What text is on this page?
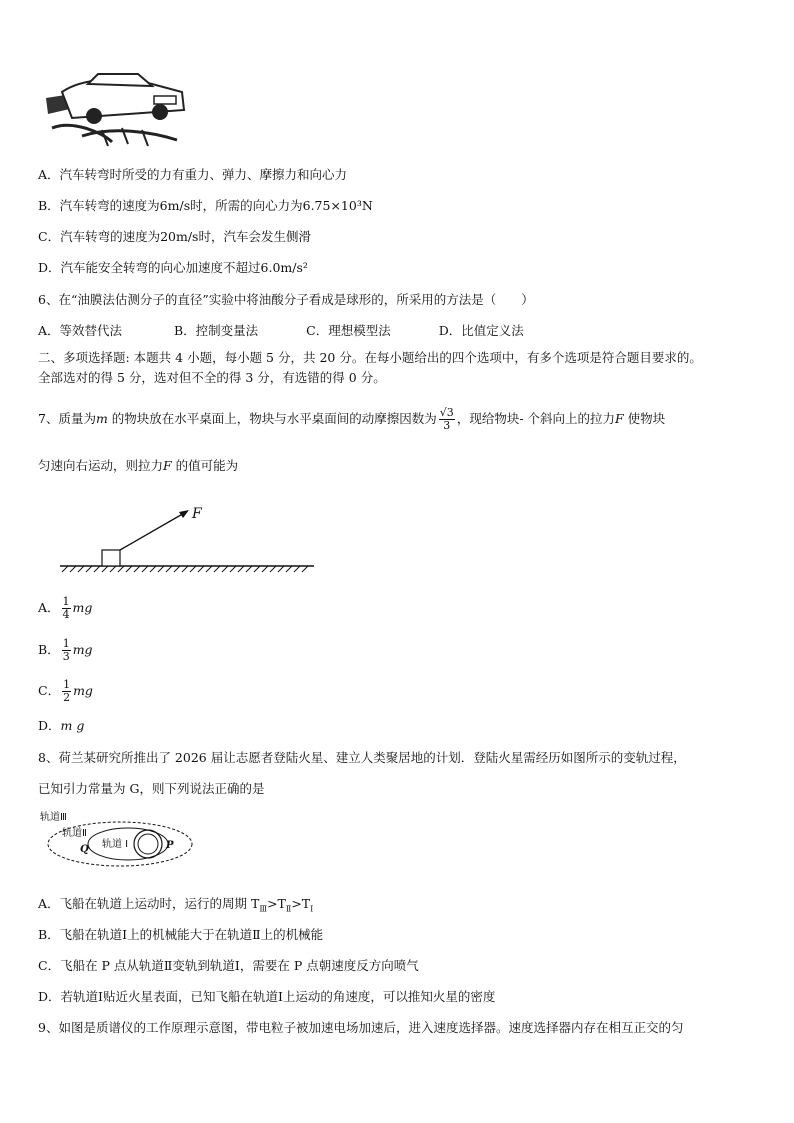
A．汽车转弯时所受的力有重力、弹力、摩擦力和向心力
B．汽车转弯的速度为6m/s时，所需的向心力为6.75×10³N
C．汽车转弯的速度为20m/s时，汽车会发生侧滑
D．汽车能安全转弯的向心加速度不超过6.0m/s²
6、在“油膜法估测分子的直径”实验中将油酸分子看成是球形的，所采用的方法是（　　）
A．等效替代法	B．控制变量法	C．理想模型法	D．比值定义法
二、多项选择题: 本题共 4 小题，每小题 5 分，共 20 分。在每小题给出的四个选项中，有多个选项是符合题目要求的。
全部选对的得 5 分，选对但不全的得 3 分，有选错的得 0 分。
7、质量为m 的物块放在水平桌面上，物块与水平桌面间的动摩擦因数为 $\frac{√3}{3}$ ，现给物块- 个斜向上的拉力F 使物块
匀速向右运动，则拉力F 的值可能为
F
A． $\frac{1}{4}$ mg
B． $\frac{1}{3}$ mg
C． $\frac{1}{2}$ mg
D．m g
8、荷兰某研究所推出了 2026 届让志愿者登陆火星、建立人类聚居地的计划．登陆火星需经历如图所示的变轨过程，
已知引力常量为 G，则下列说法正确的是
轨道Ⅲ
轨道Ⅱ
轨道 Ⅰ
Q	P
A．飞船在轨道上运动时，运行的周期 $T_Ⅲ>T_Ⅱ>T_Ⅰ$
B．飞船在轨道Ⅰ上的机械能大于在轨道Ⅱ上的机械能
C．飞船在 P 点从轨道Ⅱ变轨到轨道Ⅰ，需要在 P 点朝速度反方向喷气
D．若轨道Ⅰ贴近火星表面，已知飞船在轨道Ⅰ上运动的角速度，可以推知火星的密度
9、如图是质谱仪的工作原理示意图，带电粒子被加速电场加速后，进入速度选择器。速度选择器内存在相互正交的匀
